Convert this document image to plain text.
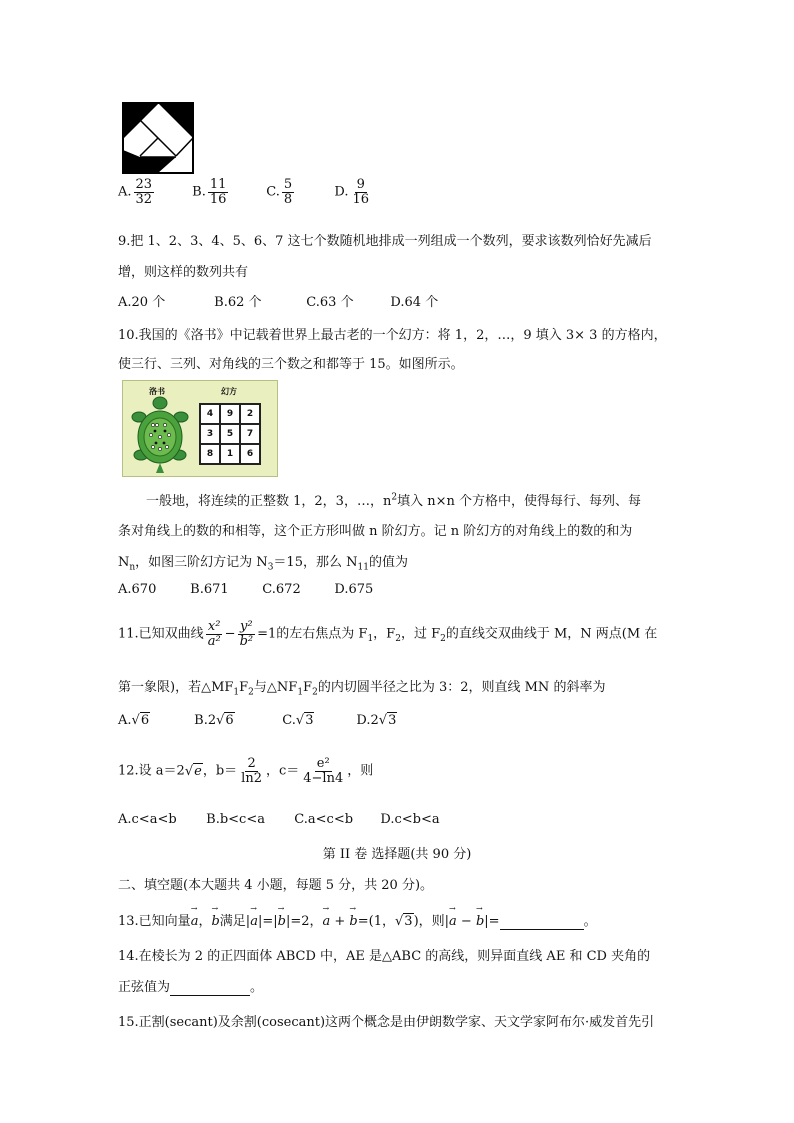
A. $\frac{23}{32}$	B. $\frac{11}{16}$	C. $\frac{5}{8}$	D. $\frac{9}{16}$
9.把 1、2、3、4、5、6、7 这七个数随机地排成一列组成一个数列，要求该数列恰好先减后
增，则这样的数列共有
A.20 个	B.62 个	C.63 个	D.64 个
10.我国的《洛书》中记载着世界上最古老的一个幻方：将 1，2，…，9 填入 3× 3 的方格内，
使三行、三列、对角线的三个数之和都等于 15。如图所示。
洛书	幻方
4	9	2
3	5	7
8	1	6
一般地，将连续的正整数 1，2，3，…，$n^2$填入 n×n 个方格中，使得每行、每列、每
条对角线上的数的和相等，这个正方形叫做 n 阶幻方。记 n 阶幻方的对角线上的数的和为
$N_n$，如图三阶幻方记为 $N_3=15$，那么 $N_{11}$的值为
A.670	B.671	C.672	D.675
11.已知双曲线 $\frac{\text{x²}}{\text{a²}} - \frac{\text{y²}}{\text{b²}} =1$的左右焦点为 $F_1$，$F_2$，过 $F_2$的直线交双曲线于 M，N 两点(M 在
第一象限)，若$\triangle MF_1F_2$与$\triangle NF_1F_2$的内切圆半径之比为 3：2，则直线 MN 的斜率为
A.√6	B.2√6	C.√3	D.2√3
12.设 a＝2√e，$b= \frac{2}{\ln 2}$ ，$c= \frac{\text{e²}}{4-\ln 4}$ ，则
A.c<a<b B.b<c<a C.a<c<b D.c<b<a
第 II 卷 选择题(共 90 分)
二、填空题(本大题共 4 小题，每题 5 分，共 20 分)。
13.已知向量→ a，→ b满足|→ a|=|→ b|=2，→ a + → b=(1，√3)，则|→ a − → b|=	。
14.在棱长为 2 的正四面体 ABCD 中，AE 是△ABC 的高线，则异面直线 AE 和 CD 夹角的
正弦值为	。
15.正割(secant)及余割(cosecant)这两个概念是由伊朗数学家、天文学家阿布尔·威发首先引
